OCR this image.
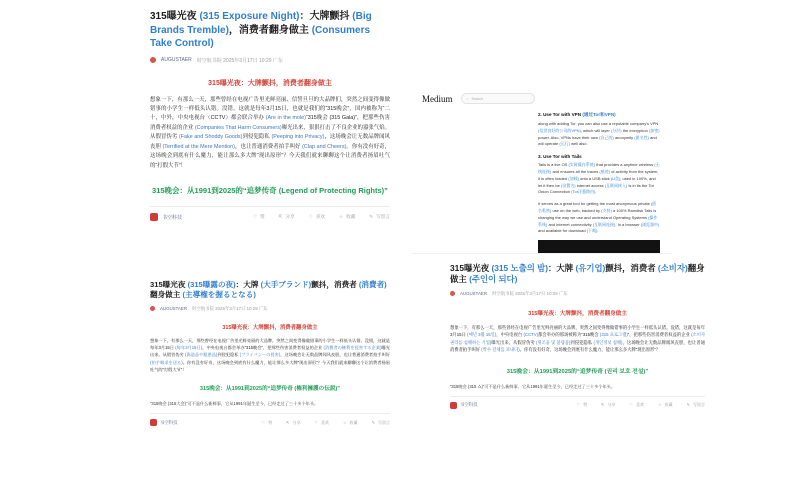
315曝光夜 (315 Exposure Night)：大牌颤抖 (Big Brands Tremble)，消费者翻身做主 (Consumers Take Control)
AUGUSTAER 时空航书院 2025年3月17日 10:29 广东
315曝光夜：大牌颤抖，消费者翻身做主
想象一下，有那么一天，那些曾经在电视广告里光鲜亮丽、信誓旦旦的大品牌们，突然之间变得像做错事的小学生一样低头认错。没错，这就是每年3月15日，也就是我们的“315晚会”，国内被称为“二十，中外，中央电视台（CCTV）都会联合举办 (Are in the mole)“315晚会 (315 Gala)”，把那些伤害消费者权益的企业 (Companies That Harm Consumers)曝光出来，狠狠打击了不良企业的嚣张气焰。从假冒伪劣 (Fake and Shoddy Goods)到侵犯隐私 (Peeping into Privacy)，这场晚会让无数品牌闻风丧胆 (Terrified at the Mere Mention)，也让普通消费者拍手叫好 (Clap and Cheers)。你有没有好奇，这场晚会到底有什么魔力，能让那么多大牌“现出原形”？今天我们就来聊聊这个让消费者扬眉吐气的“打假大节”！
315晚会：从1991到2025的“追梦传奇 (Legend of Protecting Rights)”
书空科技	♡ 赞	⇱ 分享	♡ 喜欢	☆ 收藏	✎ 写留言
315曝光夜 (315曝露の夜)：大牌 (大手ブランド)颤抖，消费者 (消費者)翻身做主 (主導権を握るとなる)
AUGUSTAER 时空航书院 2025年3月17日 10:29 广东
315曝光夜：大牌颤抖，消费者翻身做主
想象一下，有那么一天，那些曾经在电视广告里光鲜亮丽的大品牌，突然之间变得像做错事的小学生一样低头认错。没错，这就是每年3月15日 (毎年3月15日)，中央电视台都会举办“315晚会”，把那些伤害消费者权益的企业 (消費者の権利を侵害する企業)曝光出来。从假冒伪劣 (偽造品や粗悪品)到侵犯隐私 (プライバシーの侵害)，这场晚会让无数品牌闻风丧胆，也让普通消费者拍手叫好 (拍手喝采を送る)。你有没有好奇，这场晚会到底有什么魔力，能让那么多大牌“现出原形”？今天我们就来聊聊这个让消费者扬眉吐气的“打假大节”！
315晚会：从1991到2025的“追梦传奇 (権利擁護の伝説)”
“315晚会 (315大会)”可不是什么新鲜事，它从1991年诞生至今，已经走过了三十多个年头。
书空科技	♡ 赞	⇱ 分享	♡ 喜欢	☆ 收藏	✎ 写留言
Medium	⌕ Search
2. Use Tor with VPN (通过Tor和VPN)
along with adding Tor, you can also use a reputable company's VPN (信誉良好的公司的VPN), which will layer (分层) the encryption (加密) power. Also, VPNs have their own (自己的) anonymity (匿名性) and will operate (运行) well also.
3. Use Tor with Tails
Tails is a live OS (实时操作系统) that provides a anytime wireless (无线连接) and ensures all the traces (痕迹) of activity from the system, it is often loaded (加载) onto a USB stick (U盘), used in 100%, and let it then be (设置为) internet access (互联网接入) is in its the Tor Onion Connection (Tor洋葱路由).
It serves as a great tool for getting the most anonymous private (匿名私密) use on the web, backed by (支持) a 100% Ramdisk Tails is changing the way we use and understand Operating Systems (操作系统) and internet connectivity (互联网连接). In a browser (浏览器中) and available for download (下载).
315曝光夜 (315 노출의 밤)：大牌 (유기업)颤抖，消费者 (소비자)翻身做主 (주인이 되다)
AUGUSTAER 时空航书院 2025年3月17日 10:29 广东
315曝光夜：大牌颤抖，消费者翻身做主
想象一下，有那么一天，那些曾经在电视广告里光鲜亮丽的大品牌，突然之间变得像做错事的小学生一样低头认错。没错，这就是每年3月15日 (매년 3월 15일)，中央电视台 (CCTV)都会举办的那场被称为“315晚会 (315 프로그램)”，把那些伤害消费者权益的企业 (소비자 권리를 침해하는 기업)曝光出来。从假冒伪劣 (위조품 및 불량품)到侵犯隐私 (개인정보 침해)，这场晚会让无数品牌闻风丧胆，也让普通消费者拍手叫好 (박수 갈채를 보내다)。你有没有好奇，这场晚会到底有什么魔力，能让那么多大牌“现出原形”？
315晚会：从1991到2025的“追梦传奇 (권리 보호 전설)”
“315晚会 (315 쇼)”可不是什么新鲜事，它从1991年诞生至今，已经走过了三十多个年头。
书空科技	♡ 赞	⇱ 分享	♡ 喜欢	☆ 收藏	✎ 写留言
